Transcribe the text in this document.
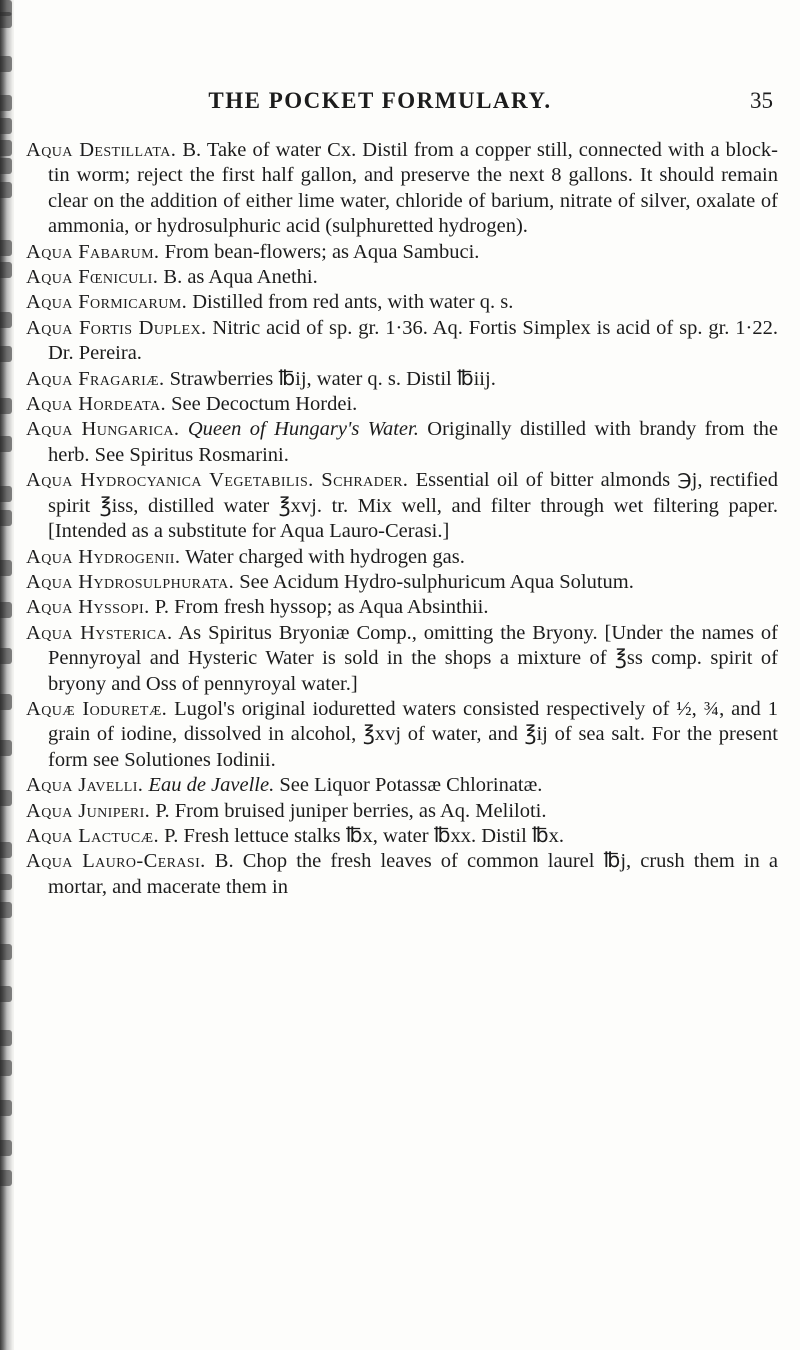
THE POCKET FORMULARY.	35

Aqua Destillata. B. Take of water Cx. Distil from a copper still, connected with a block-tin worm; reject the first half gallon, and preserve the next 8 gallons. It should remain clear on the addition of either lime water, chloride of barium, nitrate of silver, oxalate of ammonia, or hydrosulphuric acid (sulphuretted hydrogen).

Aqua Fabarum. From bean-flowers; as Aqua Sambuci.

Aqua Fœniculi. B. as Aqua Anethi.

Aqua Formicarum. Distilled from red ants, with water q. s.

Aqua Fortis Duplex. Nitric acid of sp. gr. 1·36. Aq. Fortis Simplex is acid of sp. gr. 1·22. Dr. Pereira.

Aqua Fragariæ. Strawberries ℔ij, water q. s. Distil ℔iij.

Aqua Hordeata. See Decoctum Hordei.

Aqua Hungarica. Queen of Hungary's Water. Originally distilled with brandy from the herb. See Spiritus Rosmarini.

Aqua Hydrocyanica Vegetabilis. Schrader. Essential oil of bitter almonds ℈j, rectified spirit ℥iss, distilled water ℥xvj. tr. Mix well, and filter through wet filtering paper. [Intended as a substitute for Aqua Lauro-Cerasi.]

Aqua Hydrogenii. Water charged with hydrogen gas.

Aqua Hydrosulphurata. See Acidum Hydro-sulphuricum Aqua Solutum.

Aqua Hyssopi. P. From fresh hyssop; as Aqua Absinthii.

Aqua Hysterica. As Spiritus Bryoniæ Comp., omitting the Bryony. [Under the names of Pennyroyal and Hysteric Water is sold in the shops a mixture of ℥ss comp. spirit of bryony and Oss of pennyroyal water.]

Aquæ Ioduretæ. Lugol's original ioduretted waters consisted respectively of ½, ¾, and 1 grain of iodine, dissolved in alcohol, ℥xvj of water, and ℥ij of sea salt. For the present form see Solutiones Iodinii.

Aqua Javelli. Eau de Javelle. See Liquor Potassæ Chlorinatæ.

Aqua Juniperi. P. From bruised juniper berries, as Aq. Meliloti.

Aqua Lactucæ. P. Fresh lettuce stalks ℔x, water ℔xx. Distil ℔x.

Aqua Lauro-Cerasi. B. Chop the fresh leaves of common laurel ℔j, crush them in a mortar, and macerate them in
